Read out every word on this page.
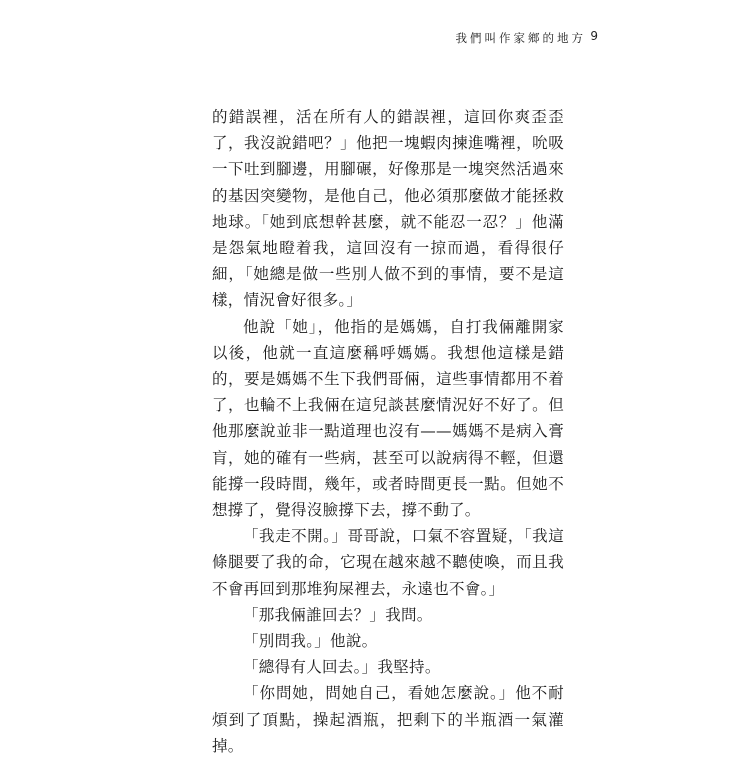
我們叫作家鄉的地方 9

的錯誤裡，活在所有人的錯誤裡，這回你爽歪歪了，我沒說錯吧？」他把一塊蝦肉揀進嘴裡，吮吸一下吐到腳邊，用腳碾，好像那是一塊突然活過來的基因突變物，是他自己，他必須那麼做才能拯救地球。「她到底想幹甚麼，就不能忍一忍？」他滿是怨氣地瞪着我，這回沒有一掠而過，看得很仔細，「她總是做一些別人做不到的事情，要不是這樣，情況會好很多。」

他說「她」，他指的是媽媽，自打我倆離開家以後，他就一直這麼稱呼媽媽。我想他這樣是錯的，要是媽媽不生下我們哥倆，這些事情都用不着了，也輪不上我倆在這兒談甚麼情況好不好了。但他那麼說並非一點道理也沒有——媽媽不是病入膏肓，她的確有一些病，甚至可以說病得不輕，但還能撐一段時間，幾年，或者時間更長一點。但她不想撐了，覺得沒臉撐下去，撐不動了。

「我走不開。」哥哥說，口氣不容置疑，「我這條腿要了我的命，它現在越來越不聽使喚，而且我不會再回到那堆狗屎裡去，永遠也不會。」

「那我倆誰回去？」我問。

「別問我。」他說。

「總得有人回去。」我堅持。

「你問她，問她自己，看她怎麼說。」他不耐煩到了頂點，操起酒瓶，把剩下的半瓶酒一氣灌掉。
